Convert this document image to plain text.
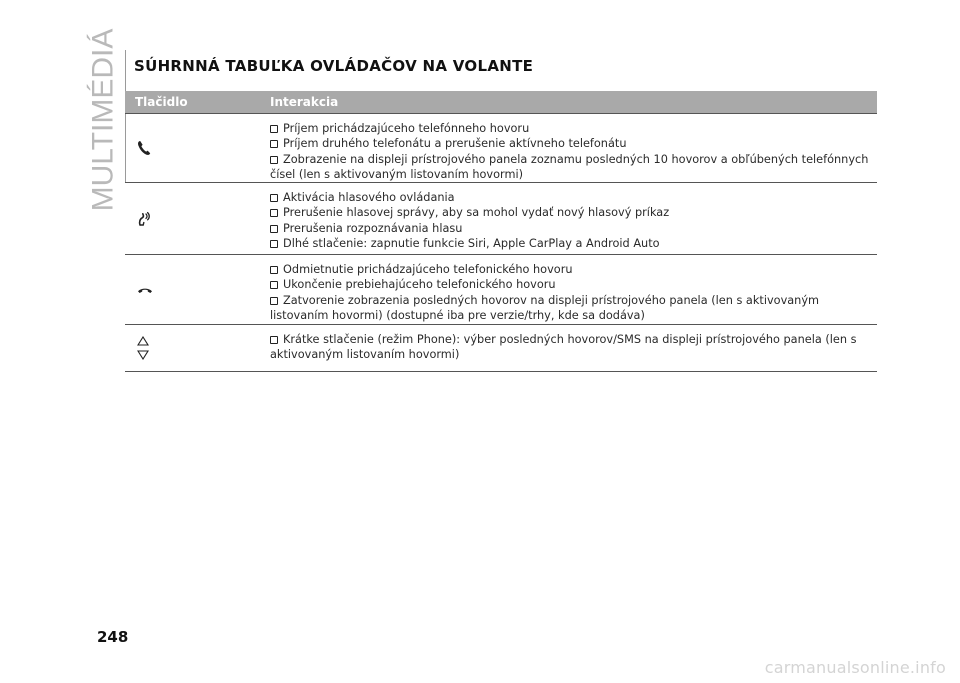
MULTIMÉDIÁ SÚHRNNÁ TABUĽKA OVLÁDAČOV NA VOLANTE
Tlačidlo	Interakcia
Príjem prichádzajúceho telefónneho hovoru
Príjem druhého telefonátu a prerušenie aktívneho telefonátu
Zobrazenie na displeji prístrojového panela zoznamu posledných 10 hovorov a obľúbených telefónnych čísel (len s aktivovaným listovaním hovormi)
Aktivácia hlasového ovládania
Prerušenie hlasovej správy, aby sa mohol vydať nový hlasový príkaz
Prerušenia rozpoznávania hlasu
Dlhé stlačenie: zapnutie funkcie Siri, Apple CarPlay a Android Auto
Odmietnutie prichádzajúceho telefonického hovoru
Ukončenie prebiehajúceho telefonického hovoru
Zatvorenie zobrazenia posledných hovorov na displeji prístrojového panela (len s aktivovaným listovaním hovormi) (dostupné iba pre verzie/trhy, kde sa dodáva)
Krátke stlačenie (režim Phone): výber posledných hovorov/SMS na displeji prístrojového panela (len s aktivovaným listovaním hovormi)

248

carmanualsonline.info
